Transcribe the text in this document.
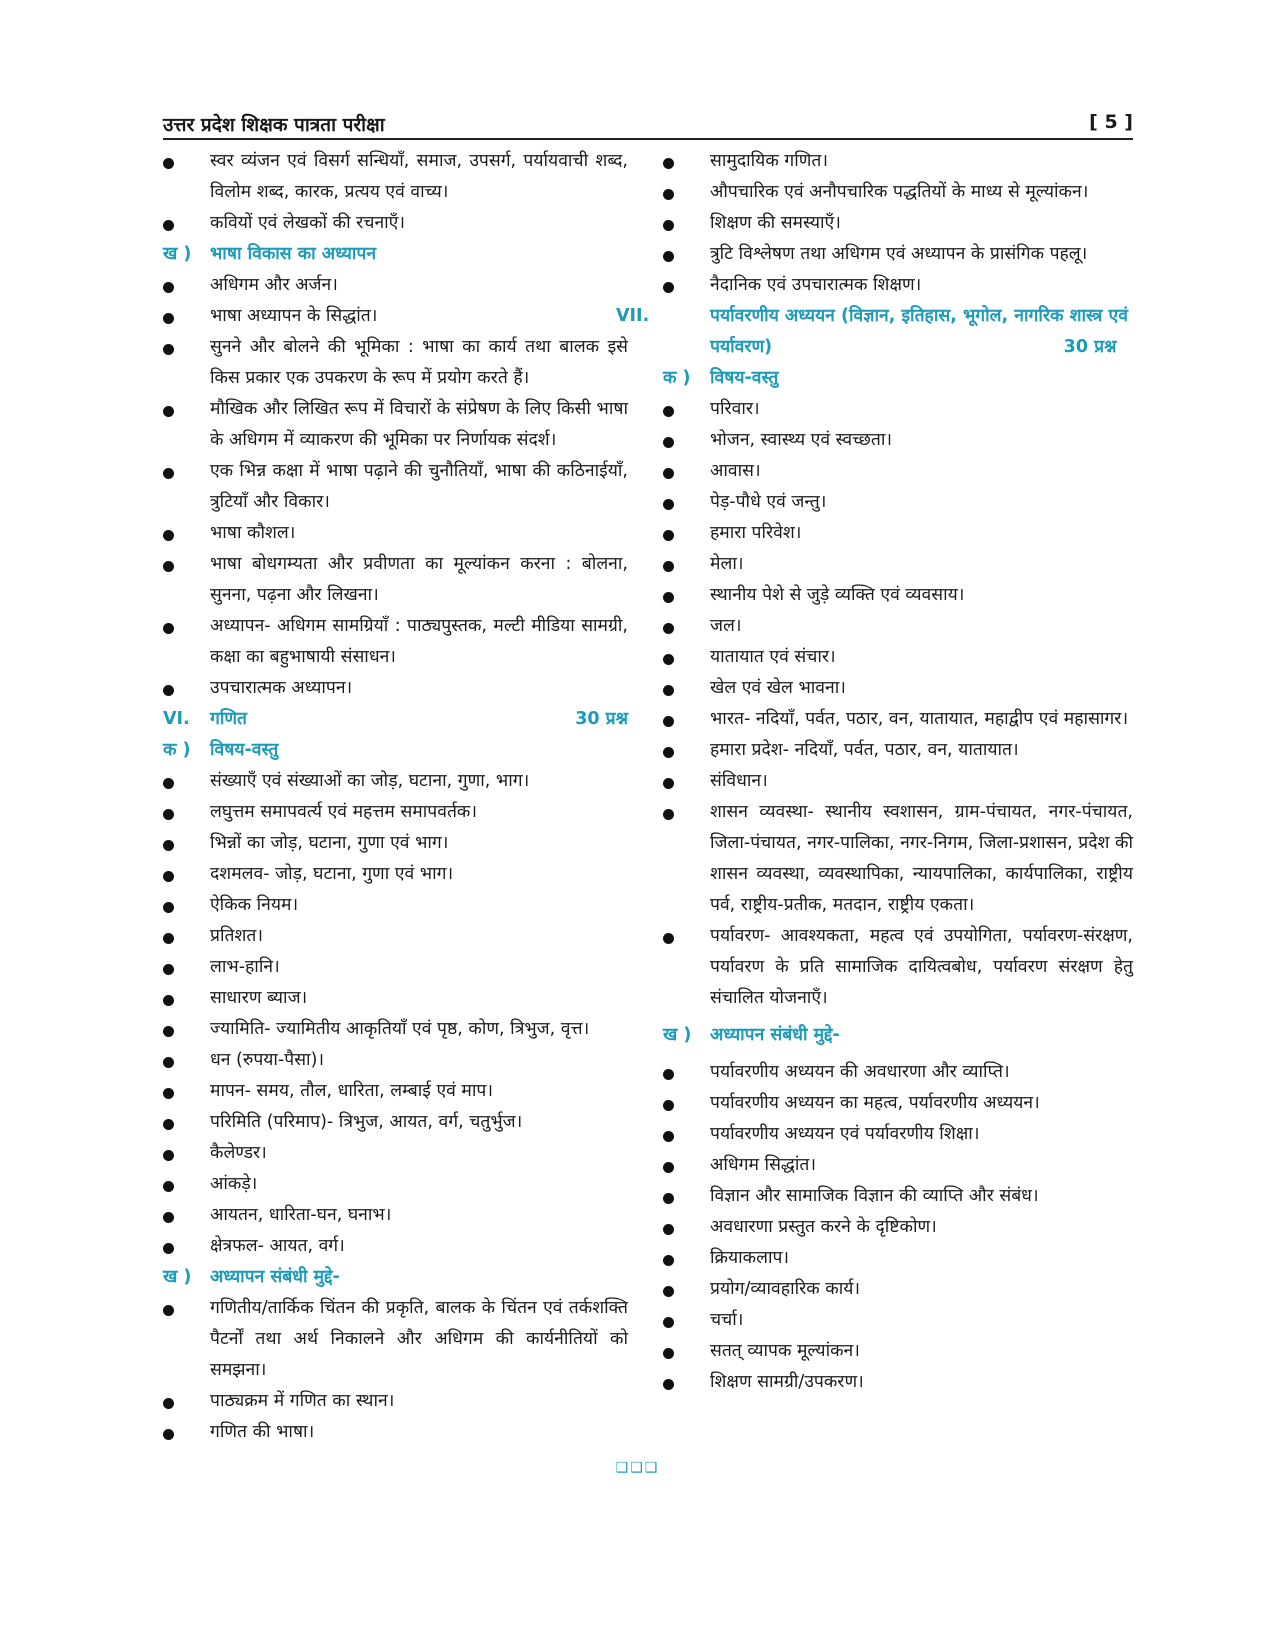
उत्तर प्रदेश शिक्षक पात्रता परीक्षा	[ 5 ]
स्वर व्यंजन एवं विसर्ग सन्धियाँ, समाज, उपसर्ग, पर्यायवाची शब्द, विलोम शब्द, कारक, प्रत्यय एवं वाच्य।
कवियों एवं लेखकों की रचनाएँ।
ख ) भाषा विकास का अध्यापन
अधिगम और अर्जन।
भाषा अध्यापन के सिद्धांत।
सुनने और बोलने की भूमिका : भाषा का कार्य तथा बालक इसे किस प्रकार एक उपकरण के रूप में प्रयोग करते हैं।
मौखिक और लिखित रूप में विचारों के संप्रेषण के लिए किसी भाषा के अधिगम में व्याकरण की भूमिका पर निर्णायक संदर्श।
एक भिन्न कक्षा में भाषा पढ़ाने की चुनौतियाँ, भाषा की कठिनाईयाँ, त्रुटियाँ और विकार।
भाषा कौशल।
भाषा बोधगम्यता और प्रवीणता का मूल्यांकन करना : बोलना, सुनना, पढ़ना और लिखना।
अध्यापन- अधिगम सामग्रियाँ : पाठ्यपुस्तक, मल्टी मीडिया सामग्री, कक्षा का बहुभाषायी संसाधन।
उपचारात्मक अध्यापन।
VI. गणित	30 प्रश्न
क ) विषय-वस्तु
संख्याएँ एवं संख्याओं का जोड़, घटाना, गुणा, भाग।
लघुत्तम समापवर्त्य एवं महत्तम समापवर्तक।
भिन्नों का जोड़, घटाना, गुणा एवं भाग।
दशमलव- जोड़, घटाना, गुणा एवं भाग।
ऐकिक नियम।
प्रतिशत।
लाभ-हानि।
साधारण ब्याज।
ज्यामिति- ज्यामितीय आकृतियाँ एवं पृष्ठ, कोण, त्रिभुज, वृत्त।
धन (रुपया-पैसा)।
मापन- समय, तौल, धारिता, लम्बाई एवं माप।
परिमिति (परिमाप)- त्रिभुज, आयत, वर्ग, चतुर्भुज।
कैलेण्डर।
आंकड़े।
आयतन, धारिता-घन, घनाभ।
क्षेत्रफल- आयत, वर्ग।
ख ) अध्यापन संबंधी मुद्दे-
गणितीय/तार्किक चिंतन की प्रकृति, बालक के चिंतन एवं तर्कशक्ति पैटर्नों तथा अर्थ निकालने और अधिगम की कार्यनीतियों को समझना।
पाठ्यक्रम में गणित का स्थान।
गणित की भाषा।
सामुदायिक गणित।
औपचारिक एवं अनौपचारिक पद्धतियों के माध्य से मूल्यांकन।
शिक्षण की समस्याएँ।
त्रुटि विश्लेषण तथा अधिगम एवं अध्यापन के प्रासंगिक पहलू।
नैदानिक एवं उपचारात्मक शिक्षण।
VII.	पर्यावरणीय अध्ययन (विज्ञान, इतिहास, भूगोल, नागरिक शास्त्र एवं पर्यावरण)	30 प्रश्न
क ) विषय-वस्तु
परिवार।
भोजन, स्वास्थ्य एवं स्वच्छता।
आवास।
पेड़-पौधे एवं जन्तु।
हमारा परिवेश।
मेला।
स्थानीय पेशे से जुड़े व्यक्ति एवं व्यवसाय।
जल।
यातायात एवं संचार।
खेल एवं खेल भावना।
भारत- नदियाँ, पर्वत, पठार, वन, यातायात, महाद्वीप एवं महासागर।
हमारा प्रदेश- नदियाँ, पर्वत, पठार, वन, यातायात।
संविधान।
शासन व्यवस्था- स्थानीय स्वशासन, ग्राम-पंचायत, नगर-पंचायत, जिला-पंचायत, नगर-पालिका, नगर-निगम, जिला-प्रशासन, प्रदेश की शासन व्यवस्था, व्यवस्थापिका, न्यायपालिका, कार्यपालिका, राष्ट्रीय पर्व, राष्ट्रीय-प्रतीक, मतदान, राष्ट्रीय एकता।
पर्यावरण- आवश्यकता, महत्व एवं उपयोगिता, पर्यावरण-संरक्षण, पर्यावरण के प्रति सामाजिक दायित्वबोध, पर्यावरण संरक्षण हेतु संचालित योजनाएँ।
ख ) अध्यापन संबंधी मुद्दे-
पर्यावरणीय अध्ययन की अवधारणा और व्याप्ति।
पर्यावरणीय अध्ययन का महत्व, पर्यावरणीय अध्ययन।
पर्यावरणीय अध्ययन एवं पर्यावरणीय शिक्षा।
अधिगम सिद्धांत।
विज्ञान और सामाजिक विज्ञान की व्याप्ति और संबंध।
अवधारणा प्रस्तुत करने के दृष्टिकोण।
क्रियाकलाप।
प्रयोग/व्यावहारिक कार्य।
चर्चा।
सतत् व्यापक मूल्यांकन।
शिक्षण सामग्री/उपकरण।
❑❑❑
